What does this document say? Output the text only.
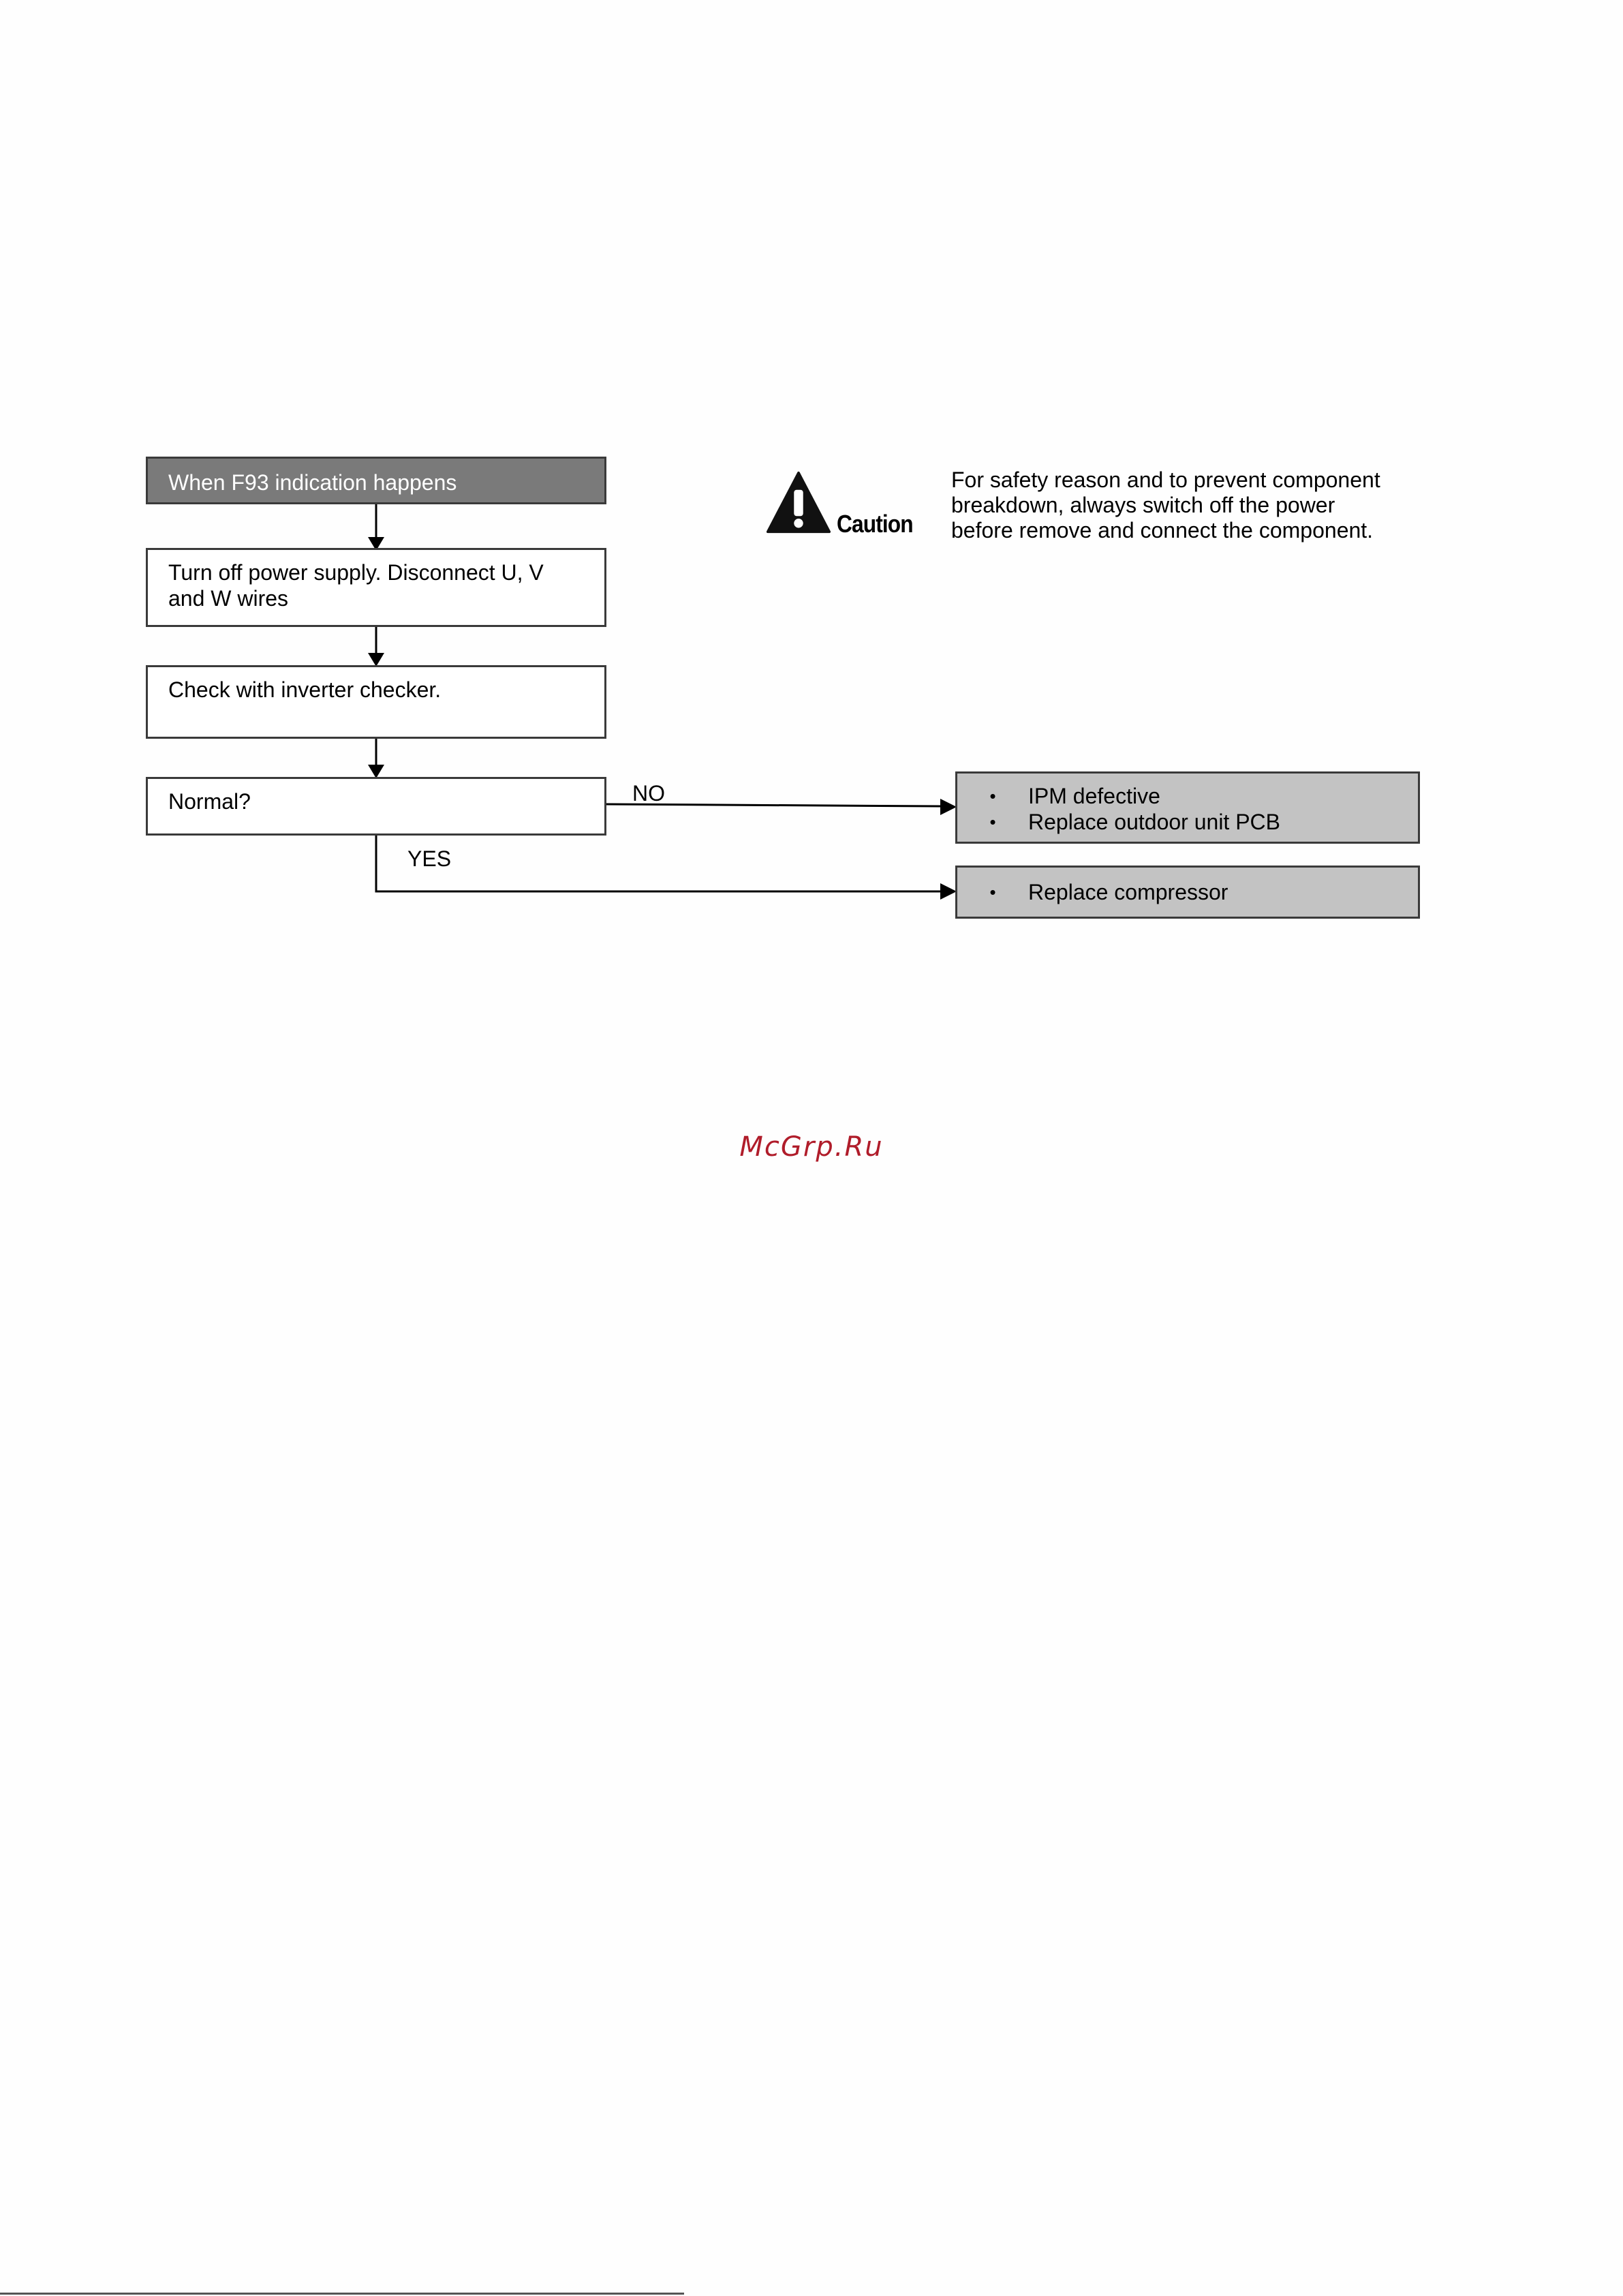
When F93 indication happens
Turn off power supply. Disconnect U, V
and W wires
Check with inverter checker.
Normal?	NO
YES
•	IPM defective
•	Replace outdoor unit PCB
•	Replace compressor
Caution
For safety reason and to prevent component
breakdown, always switch off the power
before remove and connect the component.
McGrp.Ru
